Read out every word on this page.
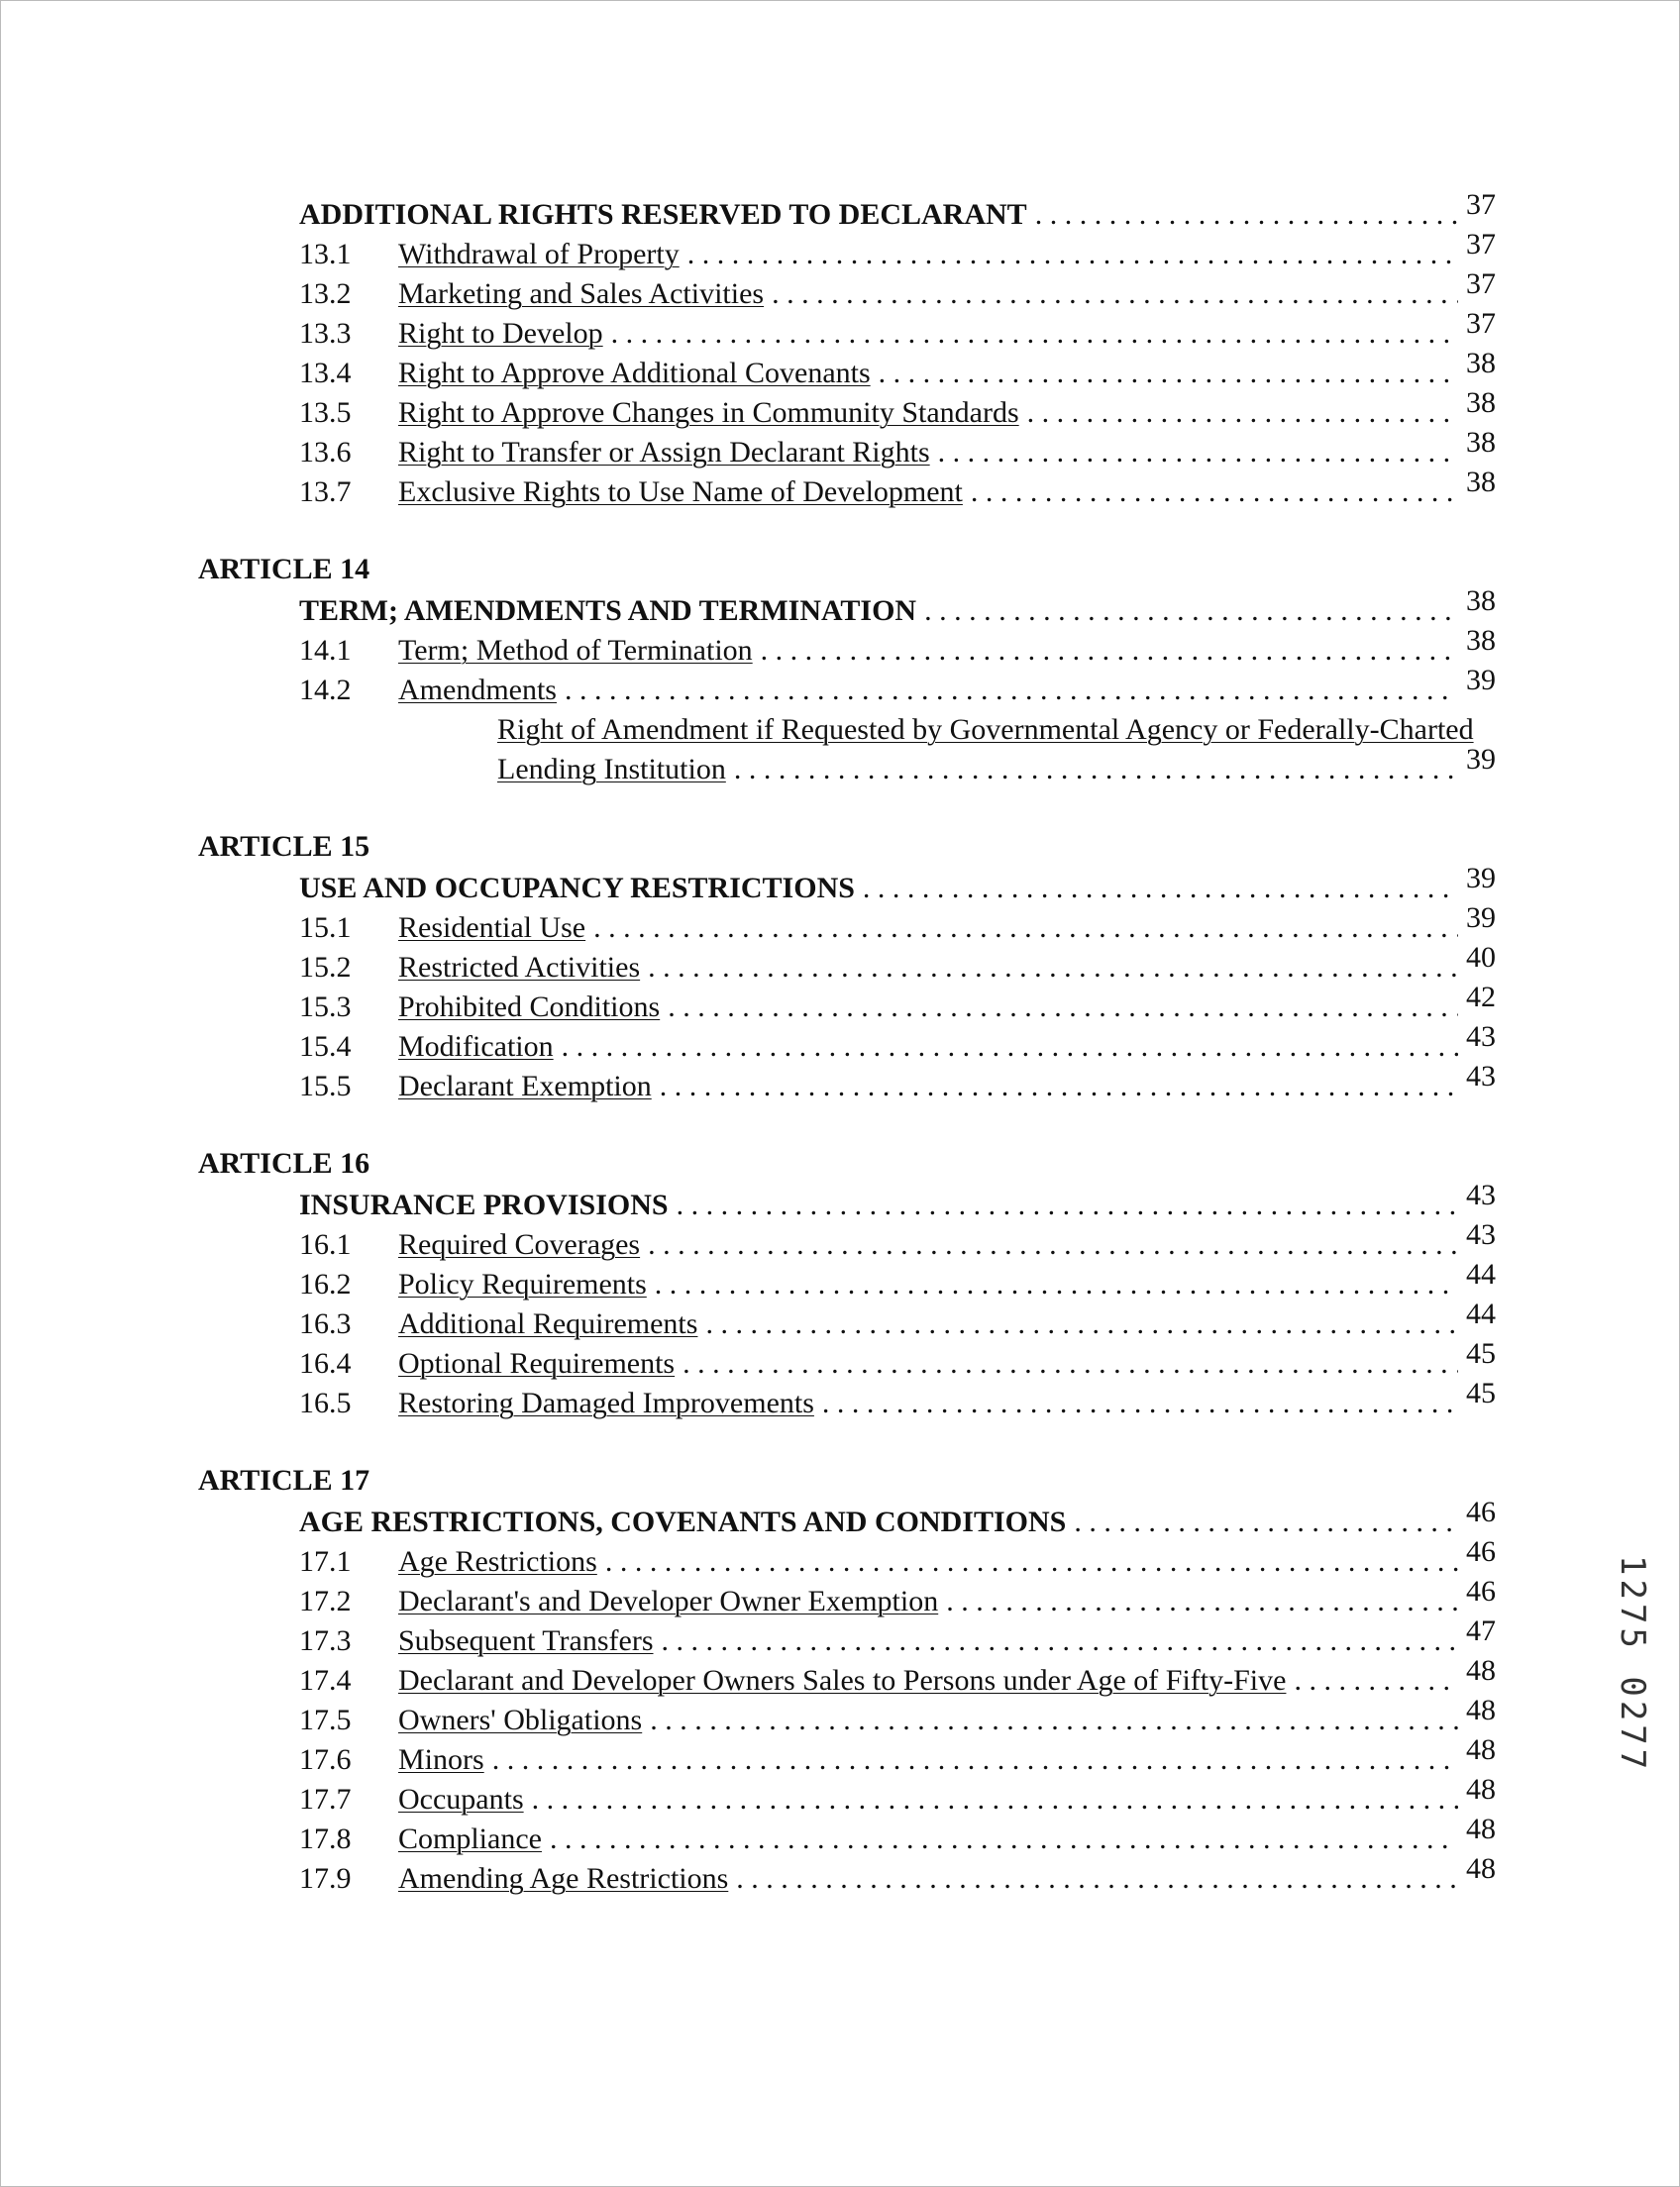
ADDITIONAL RIGHTS RESERVED TO DECLARANT . . .	37
13.1	Withdrawal of Property . . .	37
13.2	Marketing and Sales Activities . . .	37
13.3	Right to Develop . . .	37
13.4	Right to Approve Additional Covenants . . .	38
13.5	Right to Approve Changes in Community Standards . . .	38
13.6	Right to Transfer or Assign Declarant Rights . . .	38
13.7	Exclusive Rights to Use Name of Development . . .	38
ARTICLE 14
TERM; AMENDMENTS AND TERMINATION . . .	38
14.1	Term; Method of Termination . . .	38
14.2	Amendments . . .	39
Right of Amendment if Requested by Governmental Agency or Federally-Charted
Lending Institution . . .	39
ARTICLE 15
USE AND OCCUPANCY RESTRICTIONS . . .	39
15.1	Residential Use . . .	39
15.2	Restricted Activities . . .	40
15.3	Prohibited Conditions . . .	42
15.4	Modification . . .	43
15.5	Declarant Exemption . . .	43
ARTICLE 16
INSURANCE PROVISIONS . . .	43
16.1	Required Coverages . . .	43
16.2	Policy Requirements . . .	44
16.3	Additional Requirements . . .	44
16.4	Optional Requirements . . .	45
16.5	Restoring Damaged Improvements . . .	45
ARTICLE 17
AGE RESTRICTIONS, COVENANTS AND CONDITIONS . . .	46
17.1	Age Restrictions . . .	46
17.2	Declarant's and Developer Owner Exemption . . .	46
17.3	Subsequent Transfers . . .	47
17.4	Declarant and Developer Owners Sales to Persons under Age of Fifty-Five . . .	48
17.5	Owners' Obligations . . .	48
17.6	Minors . . .	48
17.7	Occupants . . .	48
17.8	Compliance . . .	48
17.9	Amending Age Restrictions . . .	48
1275 0277
